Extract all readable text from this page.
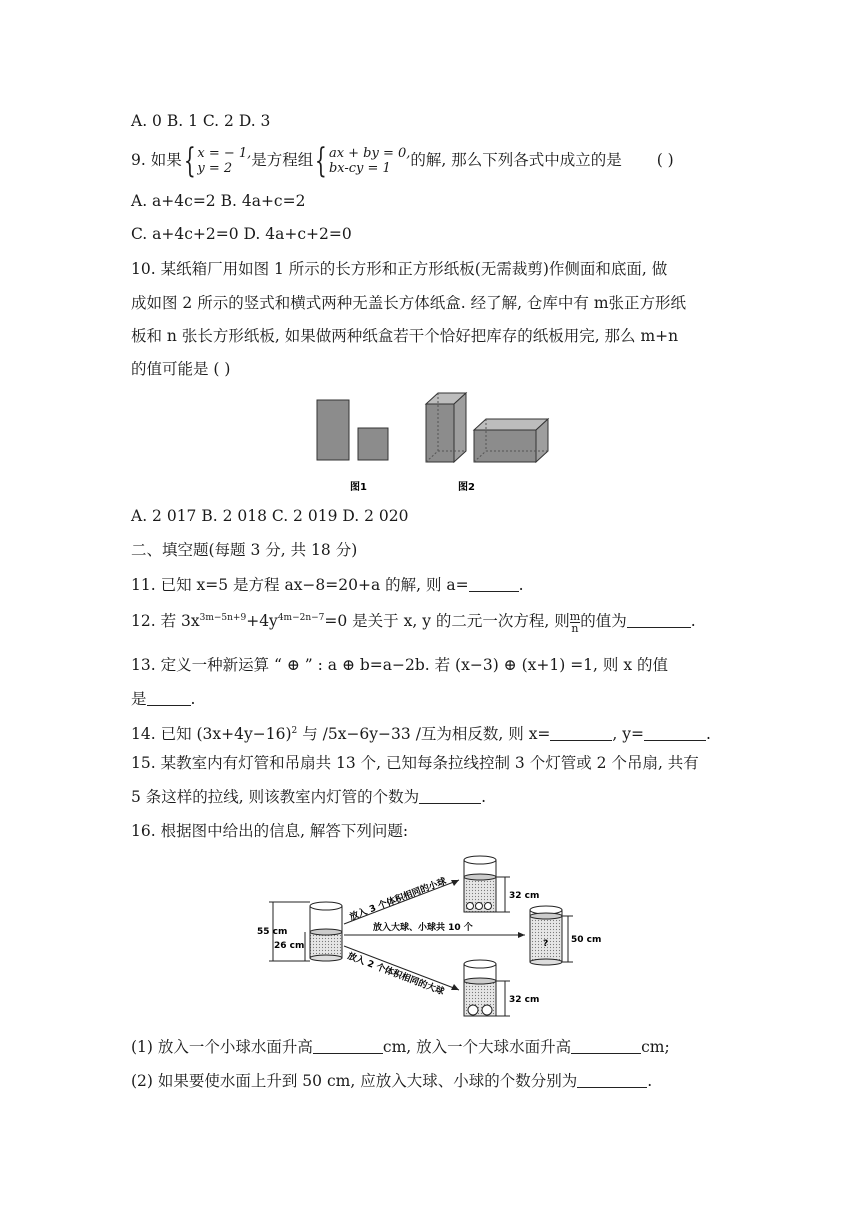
A. 0 B. 1 C. 2 D. 3
9. 如果 { x = − 1,
y = 2	是方程组 { ax + by = 0,
bx-cy = 1	的解, 那么下列各式中成立的是 ( )
A. a+4c=2 B. 4a+c=2
C. a+4c+2=0 D. 4a+c+2=0
10. 某纸箱厂用如图 1 所示的长方形和正方形纸板(无需裁剪)作侧面和底面, 做
成如图 2 所示的竖式和横式两种无盖长方体纸盒. 经了解, 仓库中有 m张正方形纸
板和 n 张长方形纸板, 如果做两种纸盒若干个恰好把库存的纸板用完, 那么 m+n
的值可能是 ( )
图1	图2
A. 2 017 B. 2 018 C. 2 019 D. 2 020
二、填空题(每题 3 分, 共 18 分)
11. 已知 x=5 是方程 ax−8=20+a 的解, 则 a=	.
12. 若 $3x^{3m-5n+9}+4y^{4m-2n-7}=0$ 是关于 x, y 的二元一次方程, 则 $\frac{m}{n}$ 的值为	.
13. 定义一种新运算 “ ⊕ ” : a ⊕ b=a−2b. 若 (x−3) ⊕ (x+1) =1, 则 x 的值
是	.
14. 已知 $(3x+4y-16)^2$ 与 /5x−6y−33 /互为相反数, 则 x=	, y=	.
15. 某教室内有灯管和吊扇共 13 个, 已知每条拉线控制 3 个灯管或 2 个吊扇, 共有
5 条这样的拉线, 则该教室内灯管的个数为	.
16. 根据图中给出的信息, 解答下列问题:
55 cm
26 cm
32 cm
?	50 cm
32 cm
放入 3 个体积相同的小球
放入大球、小球共 10 个
放入 2 个体积相同的大球
(1) 放入一个小球水面升高	cm, 放入一个大球水面升高	cm;
(2) 如果要使水面上升到 50 cm, 应放入大球、小球的个数分别为	.
